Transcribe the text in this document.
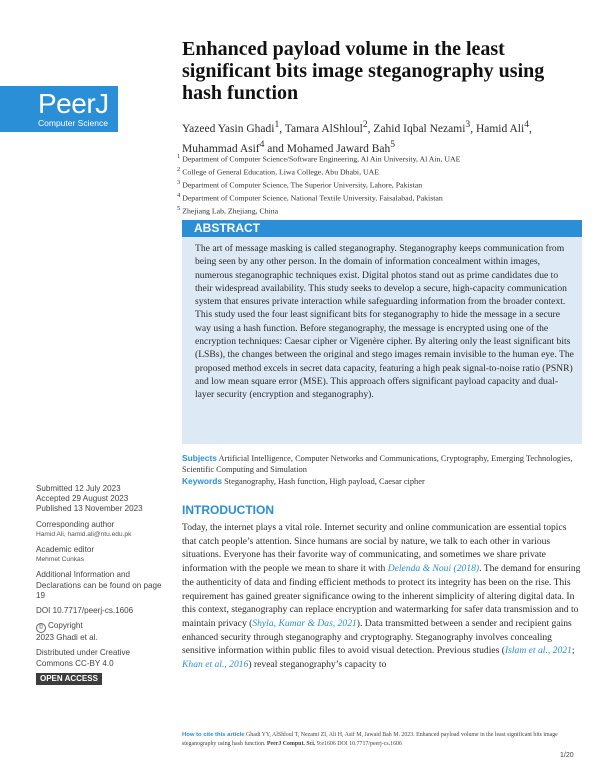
PeerJ
Computer Science
Enhanced payload volume in the least significant bits image steganography using hash function
Yazeed Yasin Ghadi$^1$, Tamara AlShloul$^2$, Zahid Iqbal Nezami$^3$, Hamid Ali$^4$, Muhammad Asif$^4$ and Mohamed Jaward Bah$^5$
$^1$ Department of Computer Science/Software Engineering, Al Ain University, Al Ain, UAE
$^2$ College of General Education, Liwa College, Abu Dhabi, UAE
$^3$ Department of Computer Science, The Superior University, Lahore, Pakistan
$^4$ Department of Computer Science, National Textile University, Faisalabad, Pakistan
$^5$ Zhejiang Lab, Zhejiang, China
ABSTRACT
The art of message masking is called steganography. Steganography keeps communication from being seen by any other person. In the domain of information concealment within images, numerous steganographic techniques exist. Digital photos stand out as prime candidates due to their widespread availability. This study seeks to develop a secure, high-capacity communication system that ensures private interaction while safeguarding information from the broader context. This study used the four least significant bits for steganography to hide the message in a secure way using a hash function. Before steganography, the message is encrypted using one of the encryption techniques: Caesar cipher or Vigenère cipher. By altering only the least significant bits (LSBs), the changes between the original and stego images remain invisible to the human eye. The proposed method excels in secret data capacity, featuring a high peak signal-to-noise ratio (PSNR) and low mean square error (MSE). This approach offers significant payload capacity and dual-layer security (encryption and steganography).
Subjects Artificial Intelligence, Computer Networks and Communications, Cryptography, Emerging Technologies, Scientific Computing and Simulation
Keywords Steganography, Hash function, High payload, Caesar cipher
Submitted 12 July 2023
Accepted 29 August 2023
Published 13 November 2023
Corresponding author
Hamid Ali, hamid.ali@ntu.edu.pk
Academic editor
Mehmet Cunkas
Additional Information and Declarations can be found on page 19
DOI 10.7717/peerj-cs.1606
© Copyright
2023 Ghadi et al.
Distributed under Creative Commons CC-BY 4.0
OPEN ACCESS
INTRODUCTION
Today, the internet plays a vital role. Internet security and online communication are essential topics that catch people’s attention. Since humans are social by nature, we talk to each other in various situations. Everyone has their favorite way of communicating, and sometimes we share private information with the people we mean to share it with Delenda & Noui (2018). The demand for ensuring the authenticity of data and finding efficient methods to protect its integrity has been on the rise. This requirement has gained greater significance owing to the inherent simplicity of altering digital data. In this context, steganography can replace encryption and watermarking for safer data transmission and to maintain privacy (Shyla, Kumar & Das, 2021). Data transmitted between a sender and recipient gains enhanced security through steganography and cryptography. Steganography involves concealing sensitive information within public files to avoid visual detection. Previous studies (Islam et al., 2021; Khan et al., 2016) reveal steganography’s capacity to
How to cite this article Ghadi YY, AlShloul T, Nezami ZI, Ali H, Asif M, Jawaid Bah M. 2023. Enhanced payload volume in the least significant bits image steganography using hash function. PeerJ Comput. Sci. 9:e1606 DOI 10.7717/peerj-cs.1606
1/20
